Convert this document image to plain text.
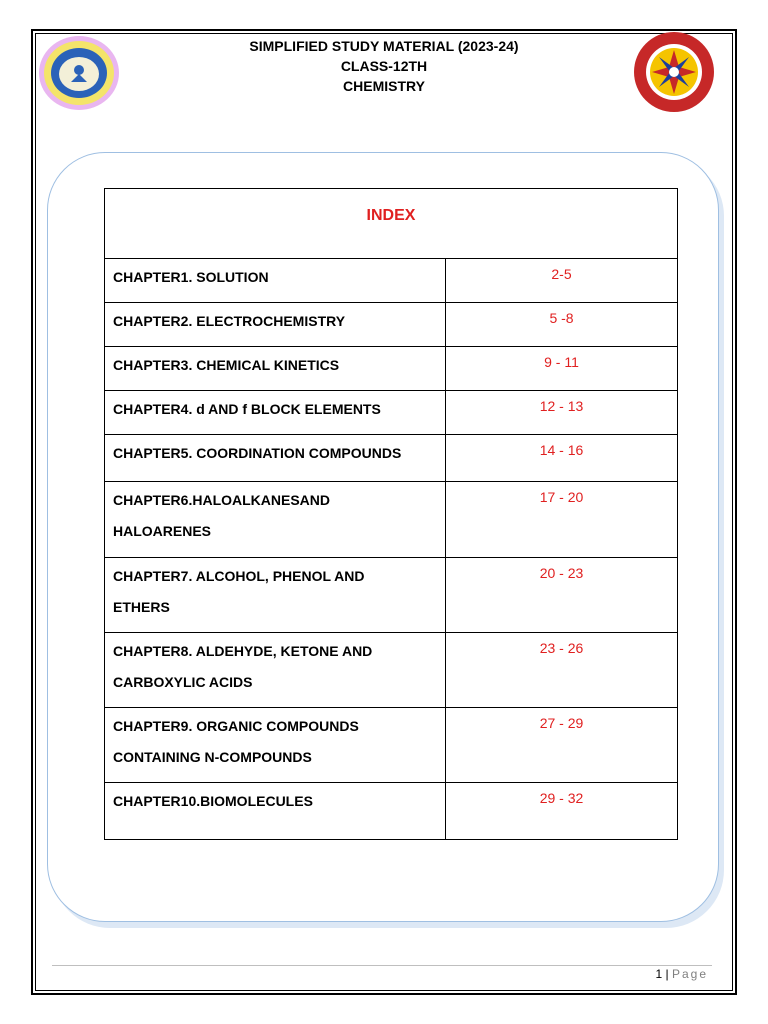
SIMPLIFIED STUDY MATERIAL (2023-24)
CLASS-12TH
CHEMISTRY
INDEX	

CHAPTER1. SOLUTION	2-5
CHAPTER2. ELECTROCHEMISTRY	5 -8
CHAPTER3. CHEMICAL KINETICS	9 - 11
CHAPTER4. d AND f BLOCK ELEMENTS	12 - 13
CHAPTER5. COORDINATION COMPOUNDS	14 - 16
CHAPTER6.HALOALKANESAND HALOARENES	17 - 20
CHAPTER7. ALCOHOL, PHENOL AND ETHERS	20 - 23
CHAPTER8. ALDEHYDE, KETONE AND CARBOXYLIC ACIDS	23 - 26
CHAPTER9. ORGANIC COMPOUNDS CONTAINING N-COMPOUNDS	27 - 29
CHAPTER10.BIOMOLECULES	29 - 32
1 | Page
